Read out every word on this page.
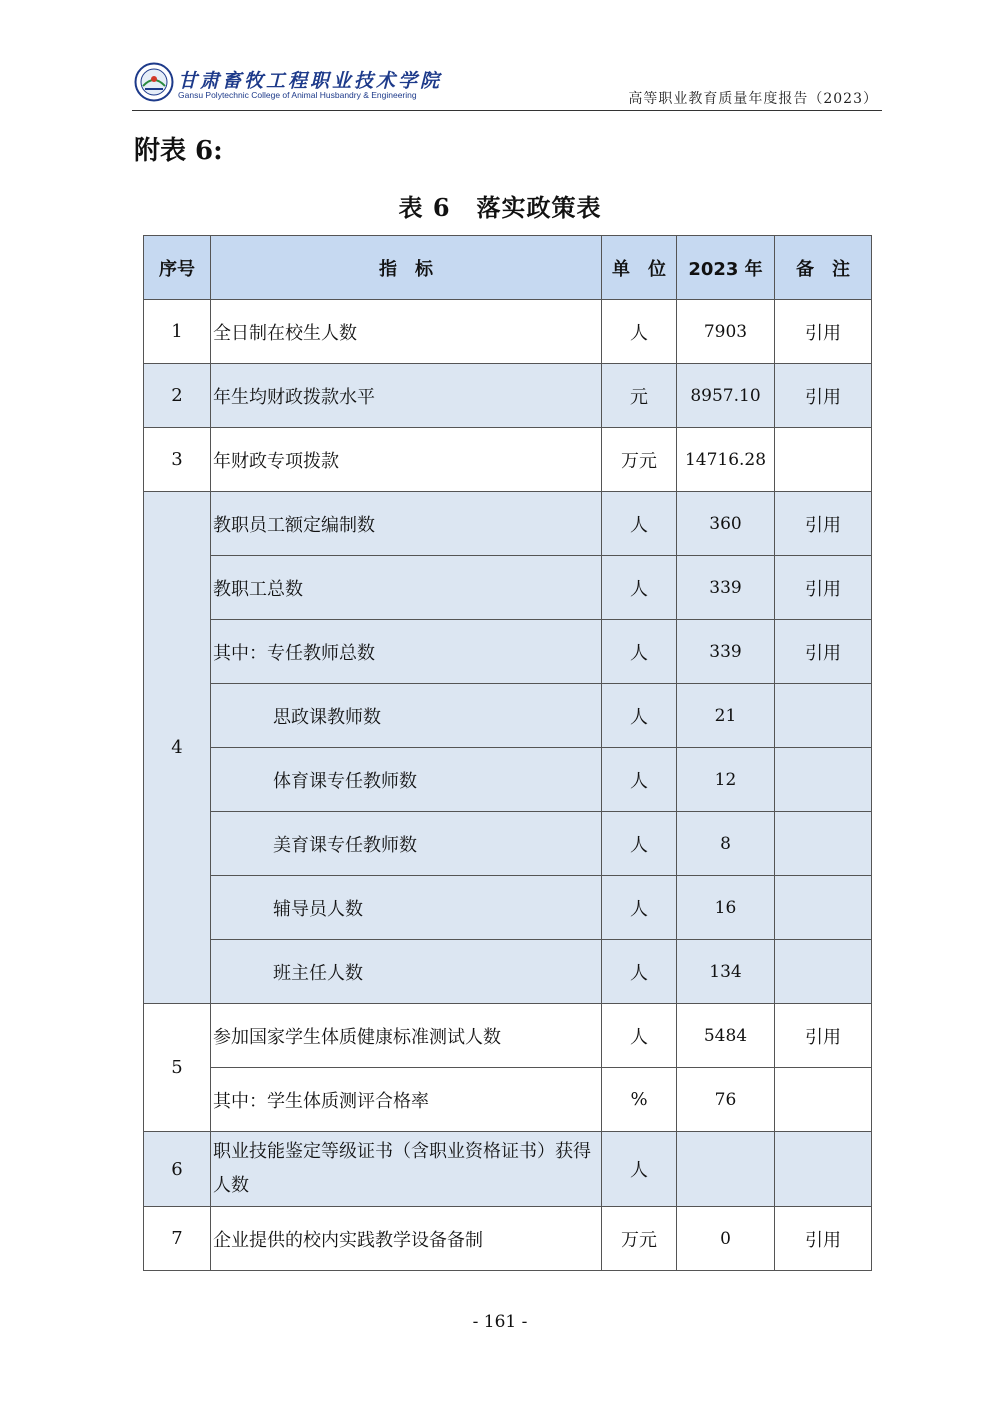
甘肃畜牧工程职业技术学院
Gansu Polytechnic College of Animal Husbandry & Engineering	高等职业教育质量年度报告（2023）
附表 6:
表 6 落实政策表
序号	指　标	单　位	2023 年	备　注
1	全日制在校生人数	人	7903	引用
2	年生均财政拨款水平	元	8957.10	引用
3	年财政专项拨款	万元	14716.28	
4	教职员工额定编制数	人	360	引用
	教职工总数	人	339	引用
	其中：专任教师总数	人	339	引用
	思政课教师数	人	21	
	体育课专任教师数	人	12	
	美育课专任教师数	人	8	
	辅导员人数	人	16	
	班主任人数	人	134	
5	参加国家学生体质健康标准测试人数	人	5484	引用
	其中：学生体质测评合格率	%	76	
6	职业技能鉴定等级证书（含职业资格证书）获得人数	人		
7	企业提供的校内实践教学设备备制	万元	0	引用
- 161 -
